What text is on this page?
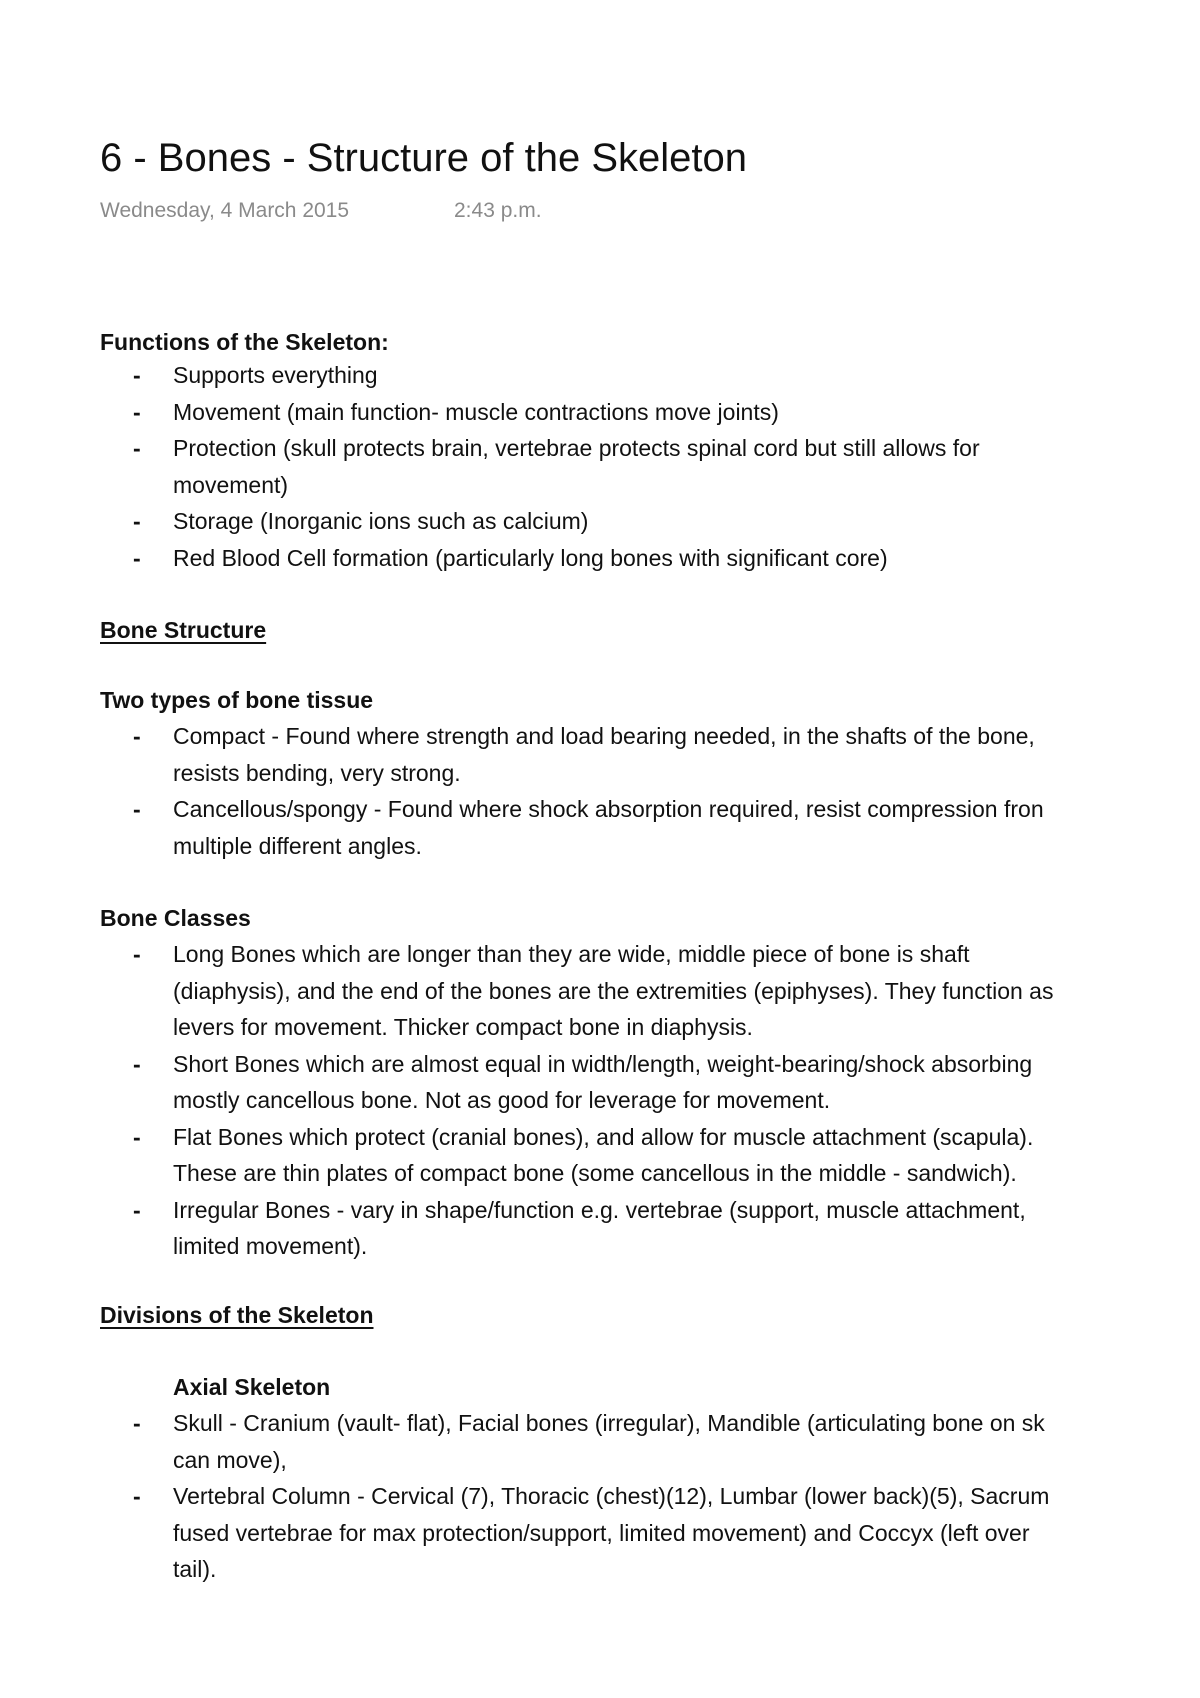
6 - Bones - Structure of the Skeleton
Wednesday, 4 March 2015	2:43 p.m.
Functions of the Skeleton:
- Supports everything
- Movement (main function- muscle contractions move joints)
- Protection (skull protects brain, vertebrae protects spinal cord but still allows for
movement)
- Storage (Inorganic ions such as calcium)
- Red Blood Cell formation (particularly long bones with significant core)
Bone Structure
Two types of bone tissue
- Compact - Found where strength and load bearing needed, in the shafts of the bone,
resists bending, very strong.
- Cancellous/spongy - Found where shock absorption required, resist compression fron
multiple different angles.
Bone Classes
- Long Bones which are longer than they are wide, middle piece of bone is shaft
(diaphysis), and the end of the bones are the extremities (epiphyses). They function as
levers for movement. Thicker compact bone in diaphysis.
- Short Bones which are almost equal in width/length, weight-bearing/shock absorbing
mostly cancellous bone. Not as good for leverage for movement.
- Flat Bones which protect (cranial bones), and allow for muscle attachment (scapula).
These are thin plates of compact bone (some cancellous in the middle - sandwich).
- Irregular Bones - vary in shape/function e.g. vertebrae (support, muscle attachment,
limited movement).
Divisions of the Skeleton
Axial Skeleton
- Skull - Cranium (vault- flat), Facial bones (irregular), Mandible (articulating bone on sk
can move),
- Vertebral Column - Cervical (7), Thoracic (chest)(12), Lumbar (lower back)(5), Sacrum
fused vertebrae for max protection/support, limited movement) and Coccyx (left over
tail).
